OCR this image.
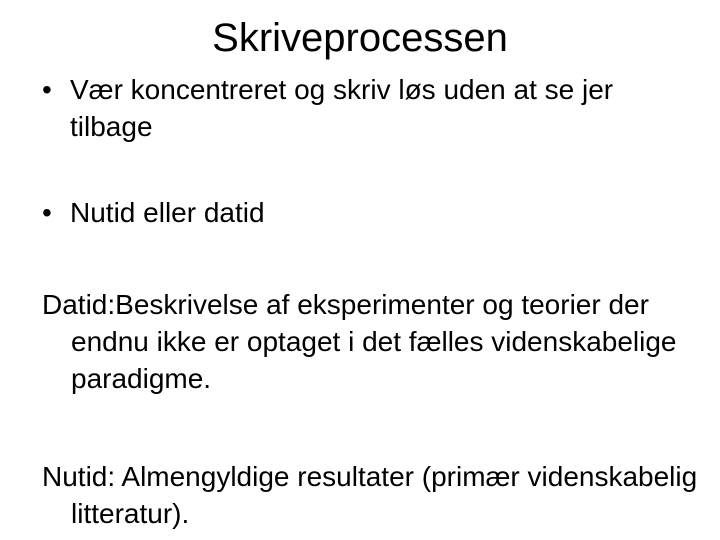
Skriveprocessen
• Vær koncentreret og skriv løs uden at se jer tilbage
• Nutid eller datid
Datid:Beskrivelse af eksperimenter og teorier der endnu ikke er optaget i det fælles videnskabelige paradigme.
Nutid: Almengyldige resultater (primær videnskabelig litteratur).
